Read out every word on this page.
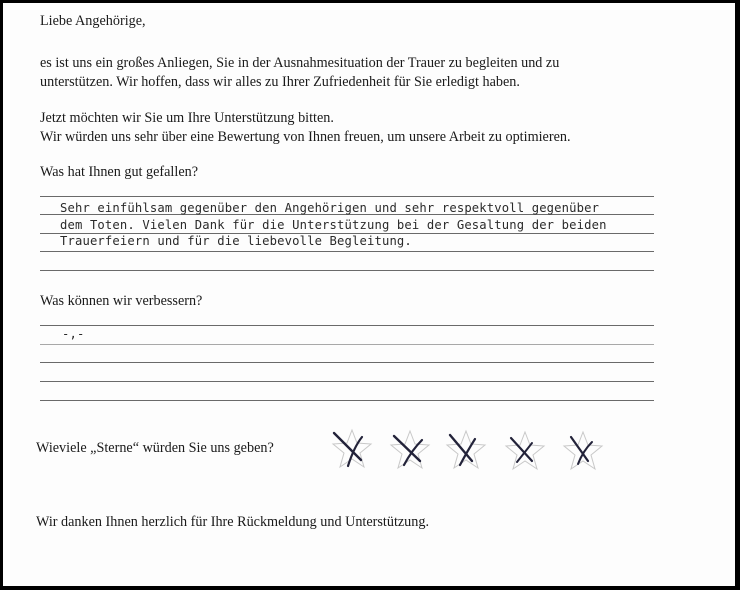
Liebe Angehörige,
es ist uns ein großes Anliegen, Sie in der Ausnahmesituation der Trauer zu begleiten und zu
unterstützen. Wir hoffen, dass wir alles zu Ihrer Zufriedenheit für Sie erledigt haben.
Jetzt möchten wir Sie um Ihre Unterstützung bitten.
Wir würden uns sehr über eine Bewertung von Ihnen freuen, um unsere Arbeit zu optimieren.
Was hat Ihnen gut gefallen?
Sehr einfühlsam gegenüber den Angehörigen und sehr respektvoll gegenüber
dem Toten. Vielen Dank für die Unterstützung bei der Gesaltung der beiden
Trauerfeiern und für die liebevolle Begleitung.
Was können wir verbessern?
-,-
Wieviele „Sterne“ würden Sie uns geben?
Wir danken Ihnen herzlich für Ihre Rückmeldung und Unterstützung.
